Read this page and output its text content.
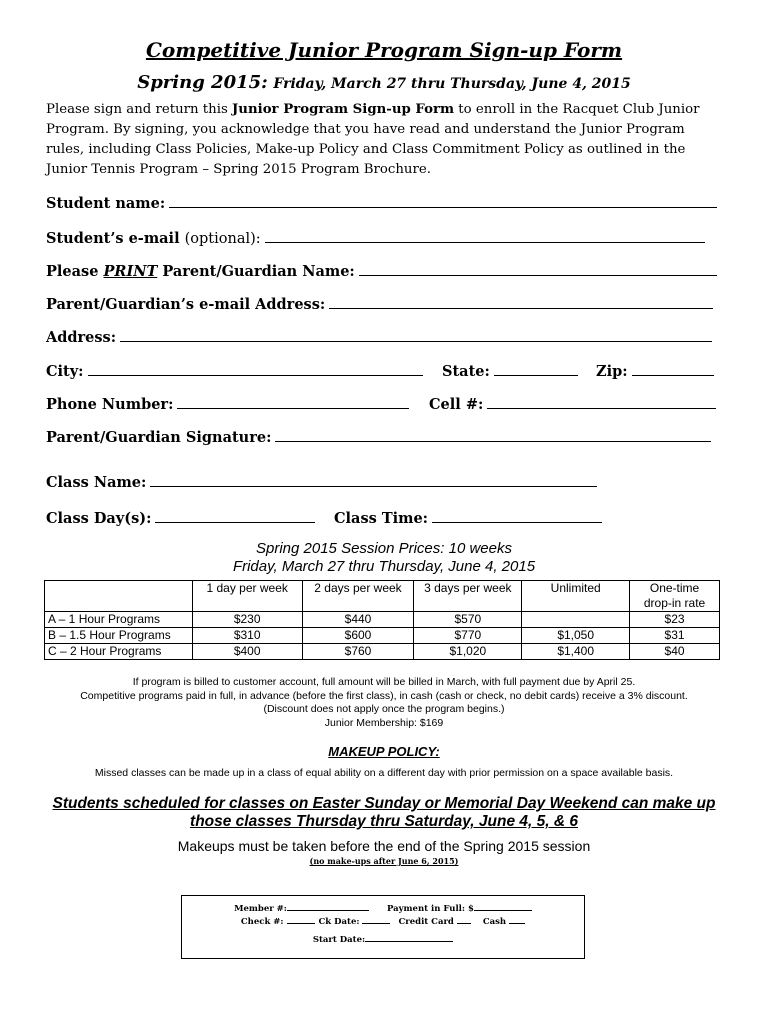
Competitive Junior Program Sign-up Form
Spring 2015: Friday, March 27 thru Thursday, June 4, 2015
Please sign and return this Junior Program Sign-up Form to enroll in the Racquet Club Junior Program. By signing, you acknowledge that you have read and understand the Junior Program rules, including Class Policies, Make-up Policy and Class Commitment Policy as outlined in the Junior Tennis Program – Spring 2015 Program Brochure.
Student name:
Student’s e-mail (optional):
Please PRINT Parent/Guardian Name:
Parent/Guardian’s e-mail Address:
Address:
City:	State:	Zip:
Phone Number:	Cell #:
Parent/Guardian Signature:
Class Name:
Class Day(s):	Class Time:
Spring 2015 Session Prices: 10 weeks
Friday, March 27 thru Thursday, June 4, 2015
	1 day per week	2 days per week	3 days per week	Unlimited	One-time
drop-in rate

A – 1 Hour Programs	$230	$440	$570		$23
B – 1.5 Hour Programs	$310	$600	$770	$1,050	$31
C – 2 Hour Programs	$400	$760	$1,020	$1,400	$40
If program is billed to customer account, full amount will be billed in March, with full payment due by April 25.
Competitive programs paid in full, in advance (before the first class), in cash (cash or check, no debit cards) receive a 3% discount.
(Discount does not apply once the program begins.)
Junior Membership: $169
MAKEUP POLICY:
Missed classes can be made up in a class of equal ability on a different day with prior permission on a space available basis.
Students scheduled for classes on Easter Sunday or Memorial Day Weekend can make up
those classes Thursday thru Saturday, June 4, 5, & 6
Makeups must be taken before the end of the Spring 2015 session
(no make-ups after June 6, 2015)
Member #:	Payment in Full: $
Check #:	Ck Date:	Credit Card	Cash
Start Date:
